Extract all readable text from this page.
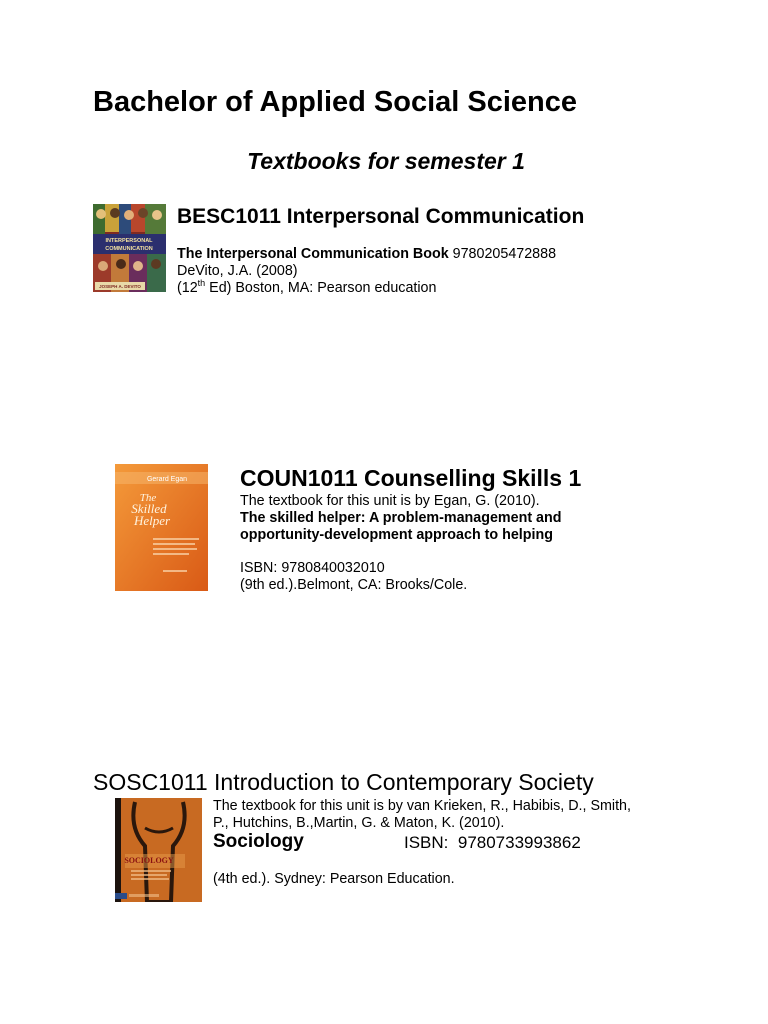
Bachelor of Applied Social Science
Textbooks for semester 1
INTERPERSONAL
COMMUNICATION
JOSEPH A. DEVITO
BESC1011 Interpersonal Communication
The Interpersonal Communication Book 9780205472888
DeVito, J.A. (2008)
(12th Ed) Boston, MA: Pearson education
Gerard Egan
The
Skilled
Helper
COUN1011 Counselling Skills 1
The textbook for this unit is by Egan, G. (2010).
The skilled helper: A problem-management and
opportunity-development approach to helping
ISBN: 9780840032010
(9th ed.).Belmont, CA: Brooks/Cole.
SOSC1011 Introduction to Contemporary Society
SOCIOLOGY
The textbook for this unit is by van Krieken, R., Habibis, D., Smith,
P., Hutchins, B.,Martin, G. & Maton, K. (2010).
Sociology	ISBN: 9780733993862
(4th ed.). Sydney: Pearson Education.
